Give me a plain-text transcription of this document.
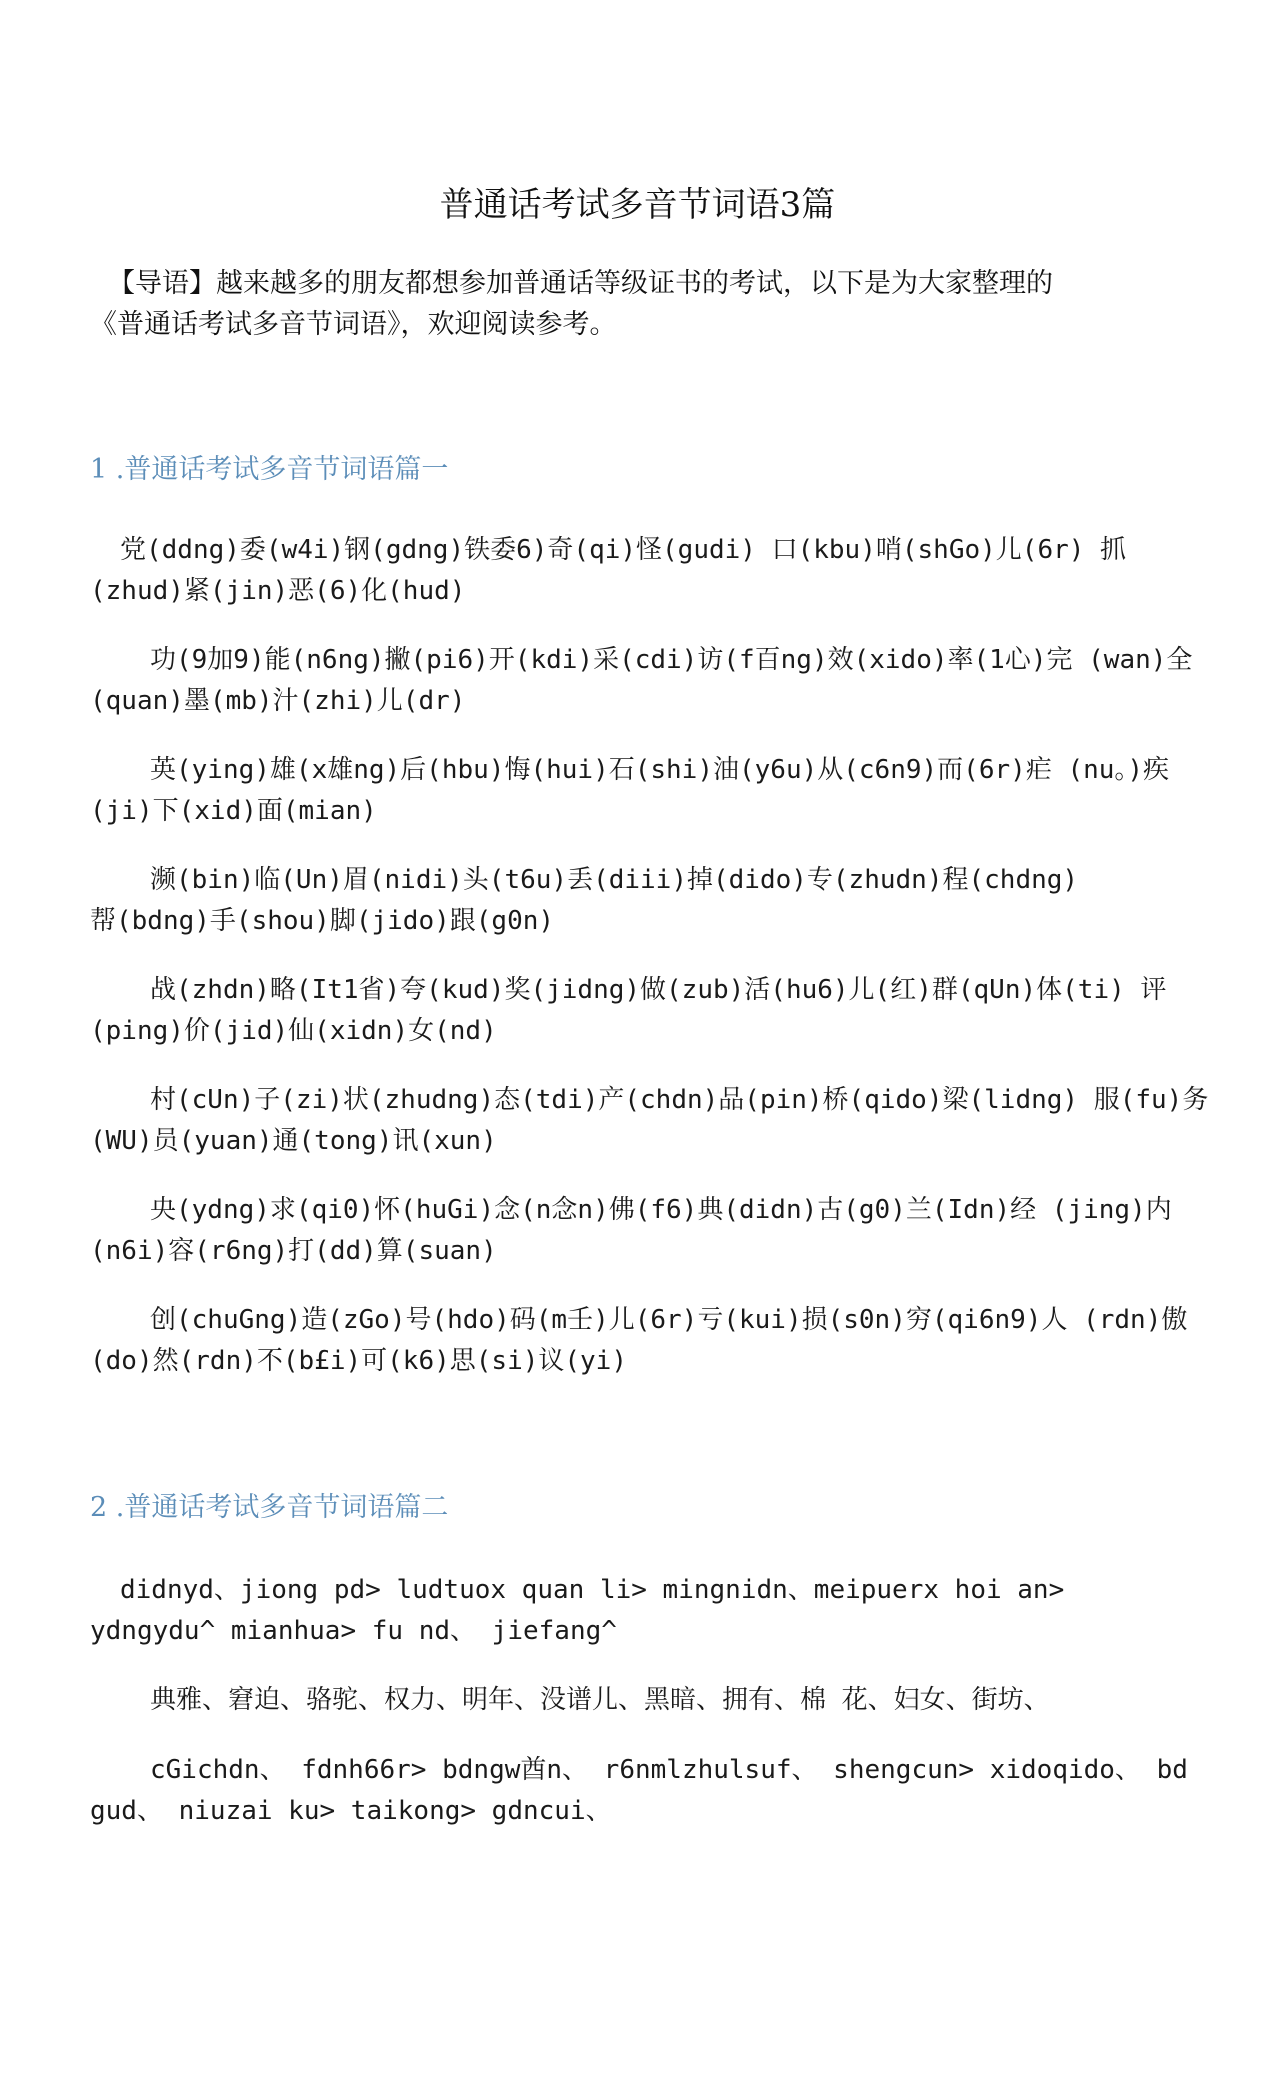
普通话考试多音节词语3篇

【导语】越来越多的朋友都想参加普通话等级证书的考试，以下是为大家整理的

《普通话考试多音节词语》，欢迎阅读参考。

1 .普通话考试多音节词语篇一

党(ddng)委(w4i)钢(gdng)铁委6)奇(qi)怪(gudi) 口(kbu)哨(shGo)儿(6r) 抓

(zhud)紧(jin)恶(6)化(hud)

功(9加9)能(n6ng)撇(pi6)开(kdi)采(cdi)访(f百ng)效(xido)率(1心)完 (wan)全

(quan)墨(mb)汁(zhi)儿(dr)

英(ying)雄(x雄ng)后(hbu)悔(hui)石(shi)油(y6u)从(c6n9)而(6r)疟 (nu。)疾

(ji)下(xid)面(mian)

濒(bin)临(Un)眉(nidi)头(t6u)丢(diii)掉(dido)专(zhudn)程(chdng)

帮(bdng)手(shou)脚(jido)跟(g0n)

战(zhdn)略(It1省)夸(kud)奖(jidng)做(zub)活(hu6)儿(红)群(qUn)体(ti) 评

(ping)价(jid)仙(xidn)女(nd)

村(cUn)子(zi)状(zhudng)态(tdi)产(chdn)品(pin)桥(qido)梁(lidng) 服(fu)务

(WU)员(yuan)通(tong)讯(xun)

央(ydng)求(qi0)怀(huGi)念(n念n)佛(f6)典(didn)古(g0)兰(Idn)经 (jing)内

(n6i)容(r6ng)打(dd)算(suan)

创(chuGng)造(zGo)号(hdo)码(m壬)儿(6r)亏(kui)损(s0n)穷(qi6n9)人 (rdn)傲

(do)然(rdn)不(b£i)可(k6)思(si)议(yi)

2 .普通话考试多音节词语篇二

didnyd、jiong pd> ludtuox quan li> mingnidn、meipuerx hoi an>

ydngydu^ mianhua> fu nd、 jiefang^

典雅、窘迫、骆驼、权力、明年、没谱儿、黑暗、拥有、棉 花、妇女、街坊、

cGichdn、 fdnh66r> bdngw酋n、 r6nmlzhulsuf、 shengcun> xidoqido、 bd

gud、 niuzai ku> taikong> gdncui、
